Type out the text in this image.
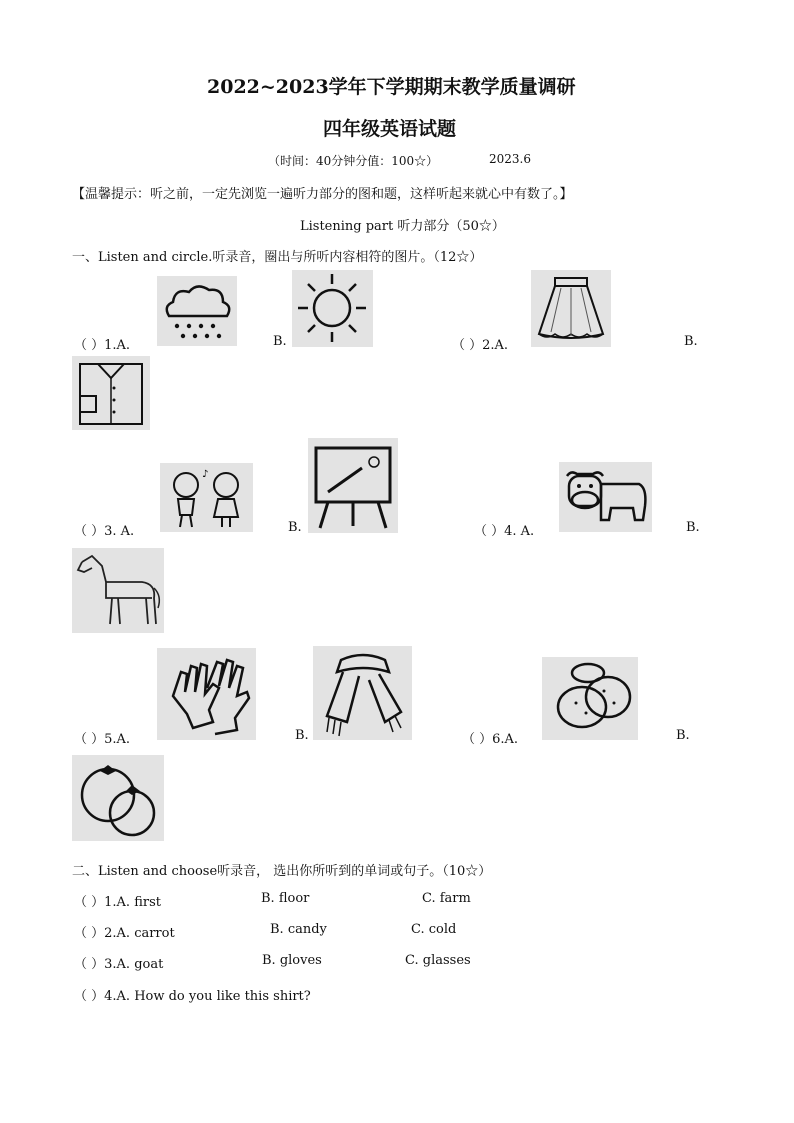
2022~2023学年下学期期末教学质量调研
四年级英语试题
（时间：40分钟分值：100☆）	2023.6
【温馨提示：听之前，一定先浏览一遍听力部分的图和题，这样听起来就心中有数了。】
Listening part 听力部分（50☆）
一、Listen and circle.听录音，圈出与所听内容相符的图片。（12☆）
（ ）1.A.	B.	（ ）2.A.	B.
（ ）3. A.
♪
B.	（ ）4. A.	B.
（ ）5.A.	B.	（ ）6.A.	B.
二、Listen and choose听录音， 选出你所听到的单词或句子。（10☆）
（ ）1.A. first	B. floor	C. farm
（ ）2.A. carrot	B. candy	C. cold
（ ）3.A. goat	B. gloves	C. glasses
（ ）4.A. How do you like this shirt?
